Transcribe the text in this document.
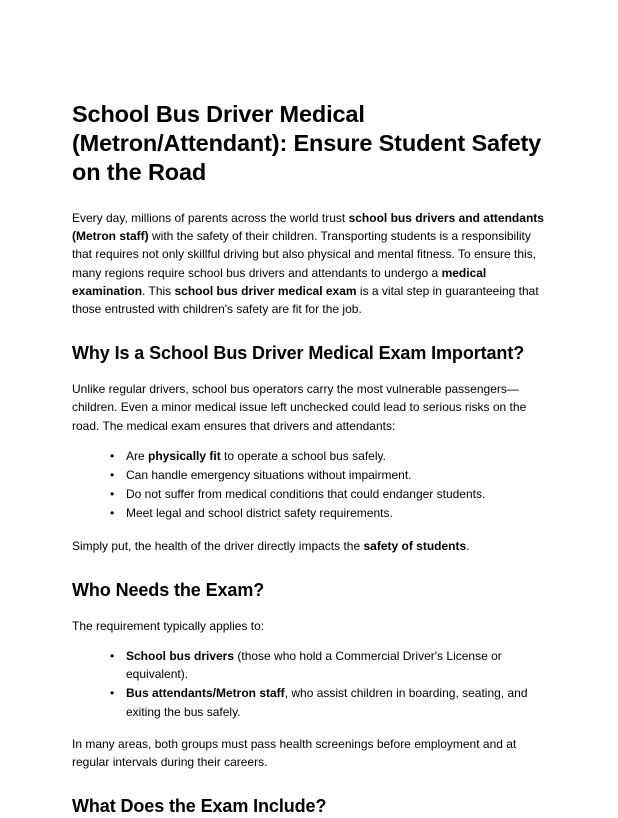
School Bus Driver Medical (Metron/Attendant): Ensure Student Safety on the Road

Every day, millions of parents across the world trust school bus drivers and attendants (Metron staff) with the safety of their children. Transporting students is a responsibility that requires not only skillful driving but also physical and mental fitness. To ensure this, many regions require school bus drivers and attendants to undergo a medical examination. This school bus driver medical exam is a vital step in guaranteeing that those entrusted with children's safety are fit for the job.

Why Is a School Bus Driver Medical Exam Important?

Unlike regular drivers, school bus operators carry the most vulnerable passengers—children. Even a minor medical issue left unchecked could lead to serious risks on the road. The medical exam ensures that drivers and attendants:

• Are physically fit to operate a school bus safely.
• Can handle emergency situations without impairment.
• Do not suffer from medical conditions that could endanger students.
• Meet legal and school district safety requirements.

Simply put, the health of the driver directly impacts the safety of students.

Who Needs the Exam?

The requirement typically applies to:

• School bus drivers (those who hold a Commercial Driver's License or equivalent).
• Bus attendants/Metron staff, who assist children in boarding, seating, and exiting the bus safely.

In many areas, both groups must pass health screenings before employment and at regular intervals during their careers.

What Does the Exam Include?
